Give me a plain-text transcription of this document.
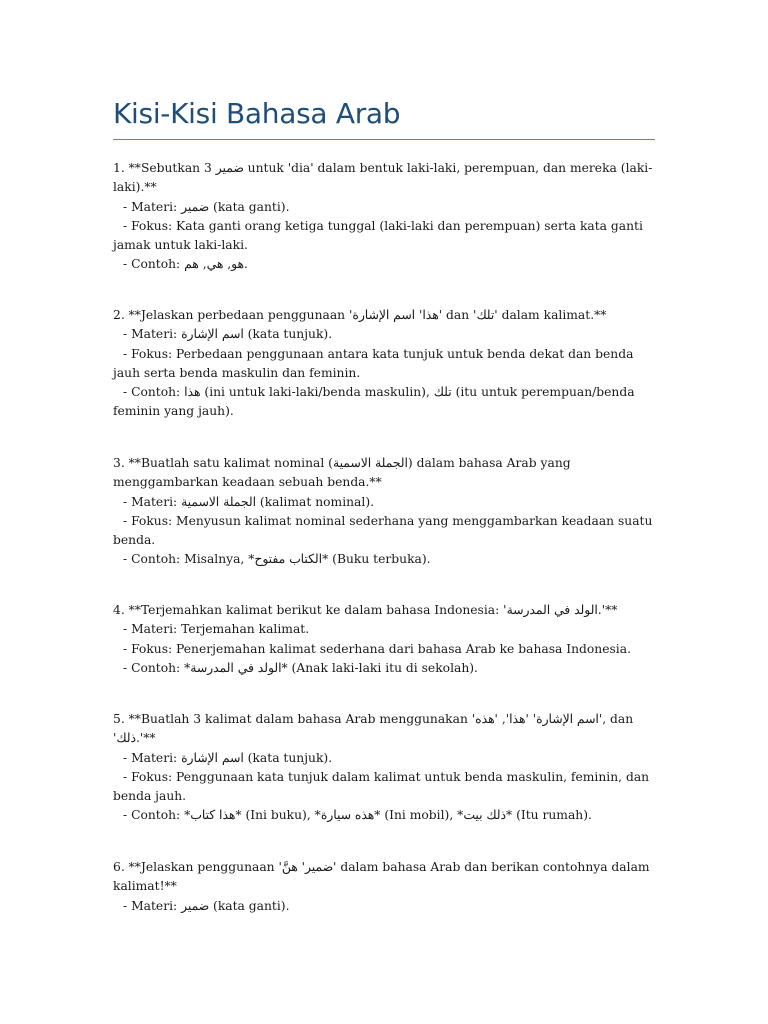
Kisi-Kisi Bahasa Arab

1. **Sebutkan 3 ضمير untuk 'dia' dalam bentuk laki-laki, perempuan, dan mereka (laki-laki).**

- Materi: ضمير (kata ganti).

- Fokus: Kata ganti orang ketiga tunggal (laki-laki dan perempuan) serta kata ganti jamak untuk laki-laki.

- Contoh: هو, هي, هم.

2. **Jelaskan perbedaan penggunaan 'هذا' اسم الإشارة' dan 'تلك' dalam kalimat.**

- Materi: اسم الإشارة (kata tunjuk).

- Fokus: Perbedaan penggunaan antara kata tunjuk untuk benda dekat dan benda jauh serta benda maskulin dan feminin.

- Contoh: هذا (ini untuk laki-laki/benda maskulin), تلك (itu untuk perempuan/benda feminin yang jauh).

3. **Buatlah satu kalimat nominal (الجملة الاسمية) dalam bahasa Arab yang menggambarkan keadaan sebuah benda.**

- Materi: الجملة الاسمية (kalimat nominal).

- Fokus: Menyusun kalimat nominal sederhana yang menggambarkan keadaan suatu benda.

- Contoh: Misalnya, *الكتاب مفتوح* (Buku terbuka).

4. **Terjemahkan kalimat berikut ke dalam bahasa Indonesia: 'الولد في المدرسة.'**

- Materi: Terjemahan kalimat.

- Fokus: Penerjemahan kalimat sederhana dari bahasa Arab ke bahasa Indonesia.

- Contoh: *الولد في المدرسة* (Anak laki-laki itu di sekolah).

5. **Buatlah 3 kalimat dalam bahasa Arab menggunakan 'اسم الإشارة' 'هذا', 'هذه', dan 'ذلك.'**

- Materi: اسم الإشارة (kata tunjuk).

- Fokus: Penggunaan kata tunjuk dalam kalimat untuk benda maskulin, feminin, dan benda jauh.

- Contoh: *هذا كتاب* (Ini buku), *هذه سيارة* (Ini mobil), *ذلك بيت* (Itu rumah).

6. **Jelaskan penggunaan 'ضمير' هنَّ' dalam bahasa Arab dan berikan contohnya dalam kalimat!**

- Materi: ضمير (kata ganti).
